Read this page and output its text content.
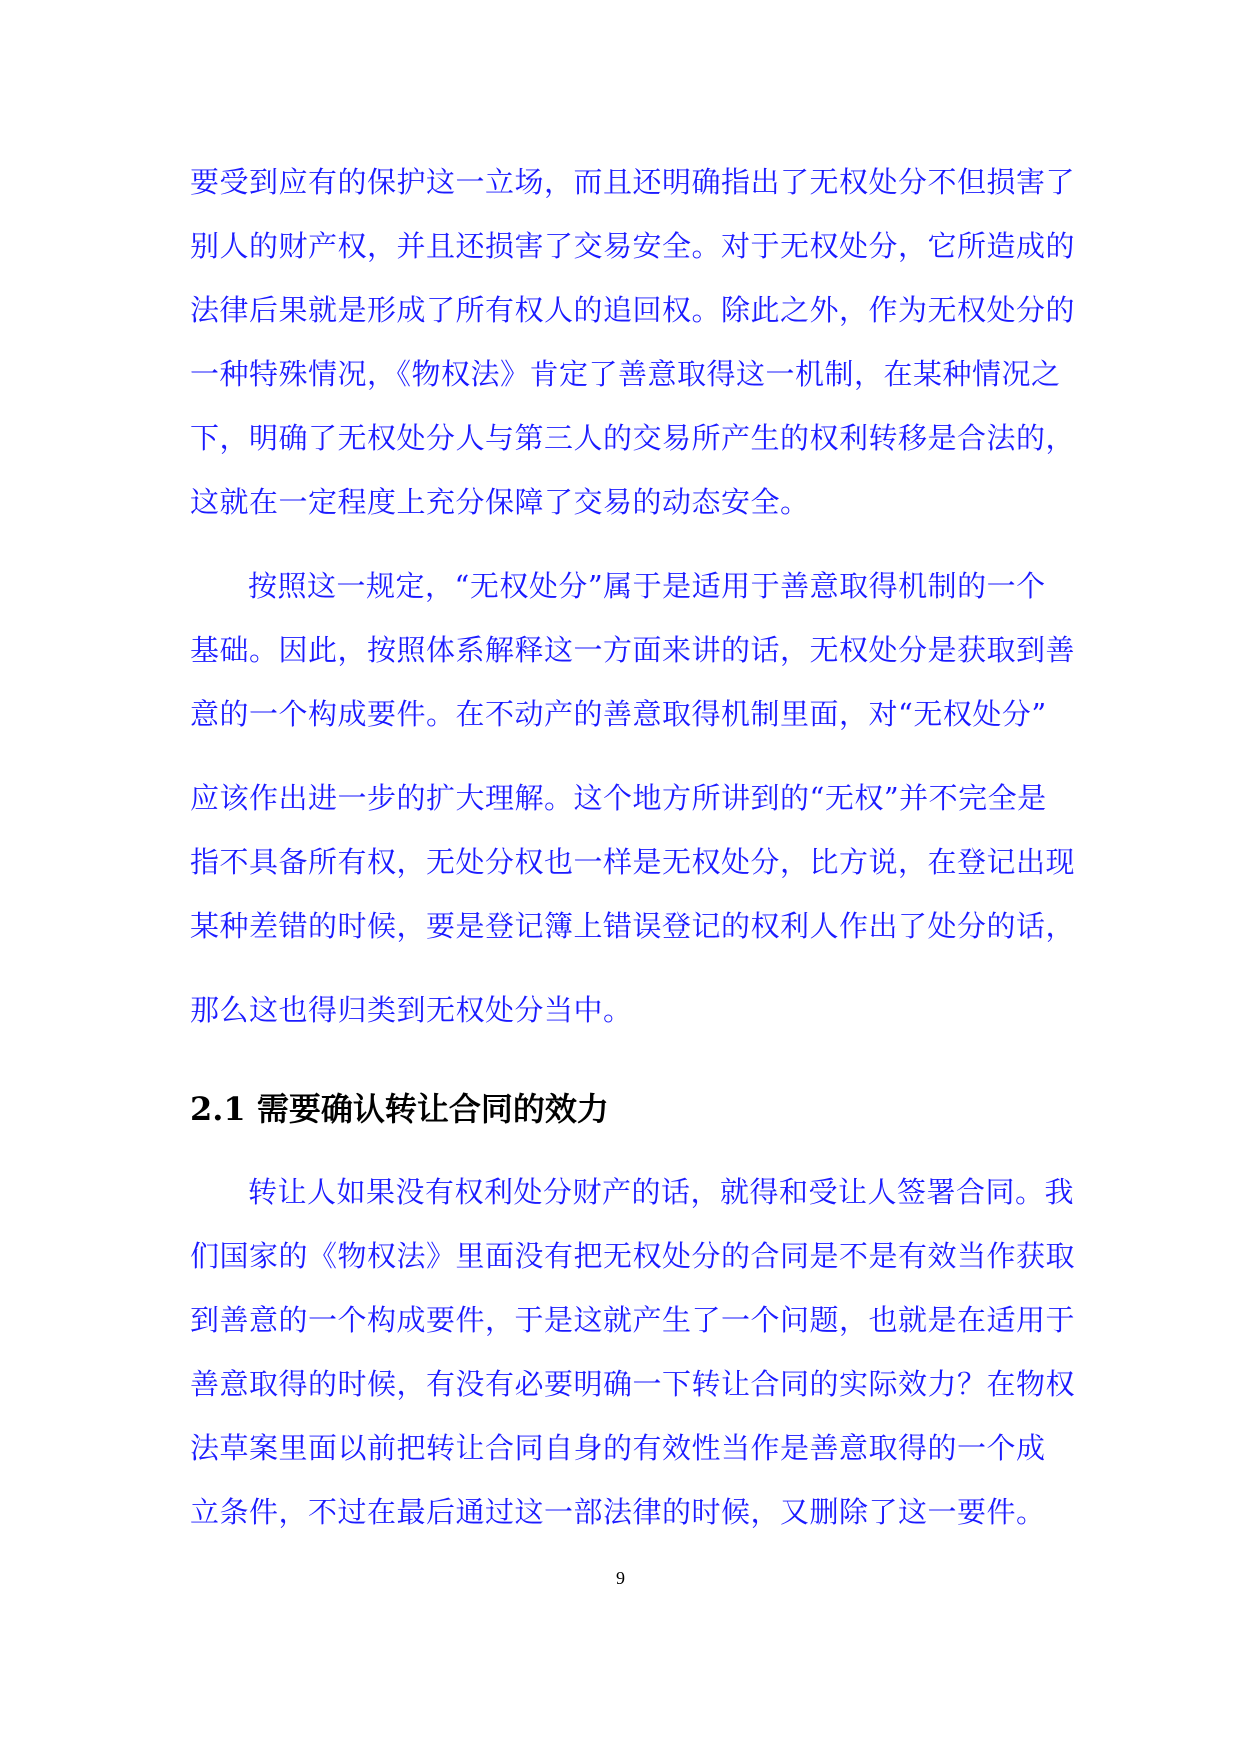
要受到应有的保护这一立场，而且还明确指出了无权处分不但损害了
别人的财产权，并且还损害了交易安全。对于无权处分，它所造成的
法律后果就是形成了所有权人的追回权。除此之外，作为无权处分的
一种特殊情况，《物权法》肯定了善意取得这一机制，在某种情况之
下，明确了无权处分人与第三人的交易所产生的权利转移是合法的，
这就在一定程度上充分保障了交易的动态安全。
按照这一规定，“无权处分”属于是适用于善意取得机制的一个
基础。因此，按照体系解释这一方面来讲的话，无权处分是获取到善
意的一个构成要件。在不动产的善意取得机制里面，对“无权处分”
应该作出进一步的扩大理解。这个地方所讲到的“无权”并不完全是
指不具备所有权，无处分权也一样是无权处分，比方说，在登记出现
某种差错的时候，要是登记簿上错误登记的权利人作出了处分的话，
那么这也得归类到无权处分当中。
2.1 需要确认转让合同的效力
转让人如果没有权利处分财产的话，就得和受让人签署合同。我
们国家的《物权法》里面没有把无权处分的合同是不是有效当作获取
到善意的一个构成要件，于是这就产生了一个问题，也就是在适用于
善意取得的时候，有没有必要明确一下转让合同的实际效力？在物权
法草案里面以前把转让合同自身的有效性当作是善意取得的一个成
立条件，不过在最后通过这一部法律的时候，又删除了这一要件。
9
